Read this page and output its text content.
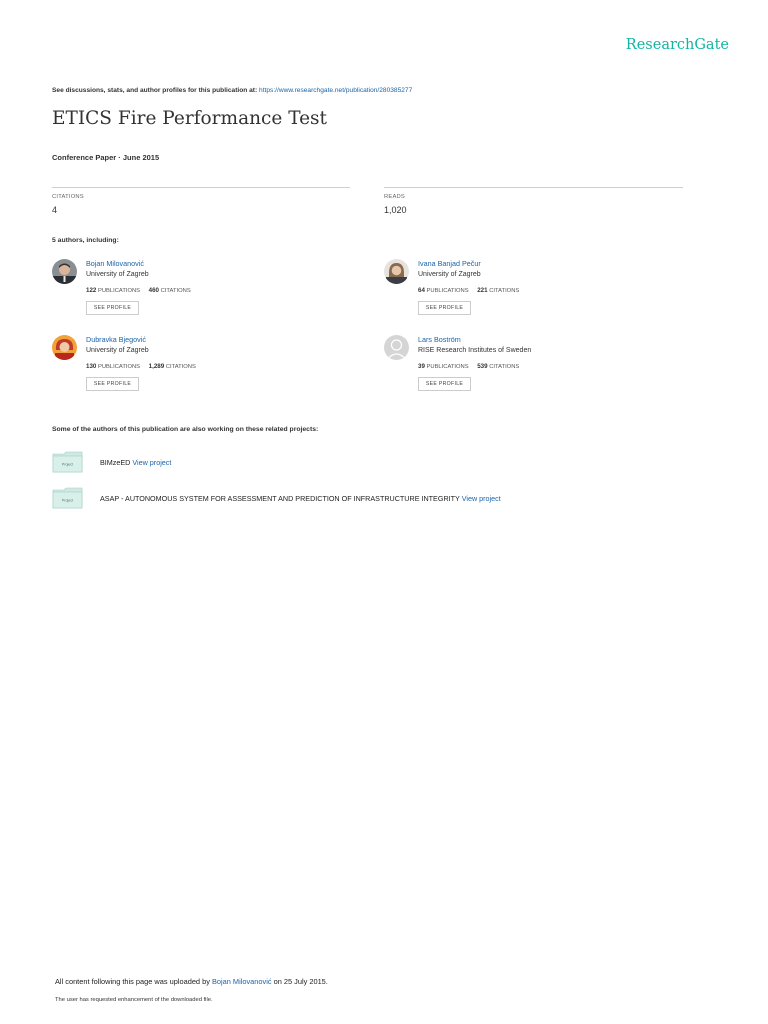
ResearchGate
See discussions, stats, and author profiles for this publication at: https://www.researchgate.net/publication/280385277
ETICS Fire Performance Test
Conference Paper · June 2015
CITATIONS
4
READS
1,020
5 authors, including:
Bojan Milovanović
University of Zagreb
122 PUBLICATIONS 460 CITATIONS
SEE PROFILE
Ivana Banjad Pečur
University of Zagreb
64 PUBLICATIONS 221 CITATIONS
SEE PROFILE
Dubravka Bjegović
University of Zagreb
130 PUBLICATIONS 1,289 CITATIONS
SEE PROFILE
Lars Boström
RISE Research Institutes of Sweden
39 PUBLICATIONS 539 CITATIONS
SEE PROFILE
Some of the authors of this publication are also working on these related projects:
Project	BIMzeED View project
Project	ASAP - AUTONOMOUS SYSTEM FOR ASSESSMENT AND PREDICTION OF INFRASTRUCTURE INTEGRITY View project
All content following this page was uploaded by Bojan Milovanović on 25 July 2015.
The user has requested enhancement of the downloaded file.
